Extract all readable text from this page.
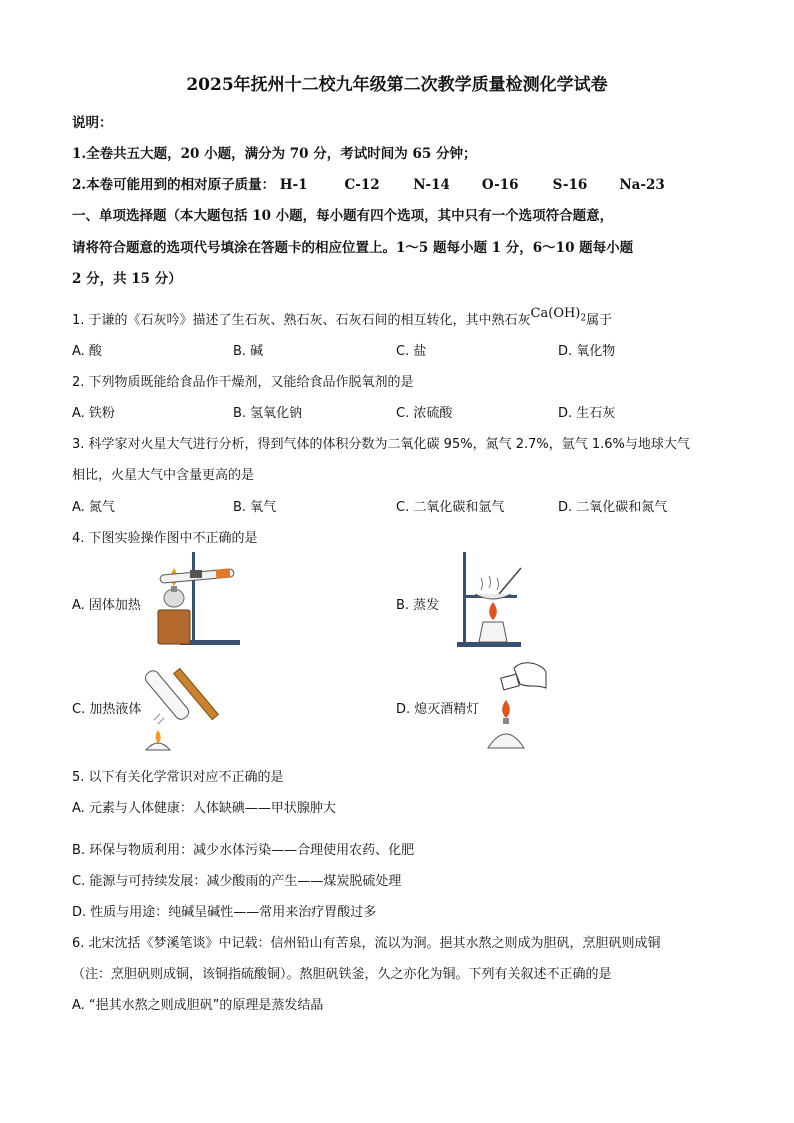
2025年抚州十二校九年级第二次教学质量检测化学试卷
说明：
1.全卷共五大题，20 小题，满分为 70 分，考试时间为 65 分钟；
2.本卷可能用到的相对原子质量： H-1	C-12 N-14 O-16	S-16 Na-23
一、单项选择题（本大题包括 10 小题，每小题有四个选项，其中只有一个选项符合题意，
请将符合题意的选项代号填涂在答题卡的相应位置上。1～5 题每小题 1 分，6～10 题每小题
2 分，共 15 分）
1. 于谦的《石灰吟》描述了生石灰、熟石灰、石灰石间的相互转化，其中熟石灰$Ca(OH)_2$属于
A. 酸	B. 碱	C. 盐	D. 氧化物
2. 下列物质既能给食品作干燥剂，又能给食品作脱氧剂的是
A. 铁粉	B. 氢氧化钠	C. 浓硫酸	D. 生石灰
3. 科学家对火星大气进行分析，得到气体的体积分数为二氧化碳 95%，氮气 2.7%，氩气 1.6%与地球大气
相比，火星大气中含量更高的是
A. 氮气	B. 氧气	C. 二氧化碳和氩气	D. 二氧化碳和氮气
4. 下图实验操作图中不正确的是
A. 固体加热	B. 蒸发
C. 加热液体	D. 熄灭酒精灯
5. 以下有关化学常识对应不正确的是
A. 元素与人体健康：人体缺碘——甲状腺肿大
B. 环保与物质利用：减少水体污染——合理使用农药、化肥
C. 能源与可持续发展：减少酸雨的产生——煤炭脱硫处理
D. 性质与用途：纯碱呈碱性——常用来治疗胃酸过多
6. 北宋沈括《梦溪笔谈》中记载：信州铅山有苦泉，流以为涧。挹其水熬之则成为胆矾，烹胆矾则成铜
（注：烹胆矾则成铜，该铜指硫酸铜）。熬胆矾铁釜，久之亦化为铜。下列有关叙述不正确的是
A. “挹其水熬之则成胆矾”的原理是蒸发结晶
